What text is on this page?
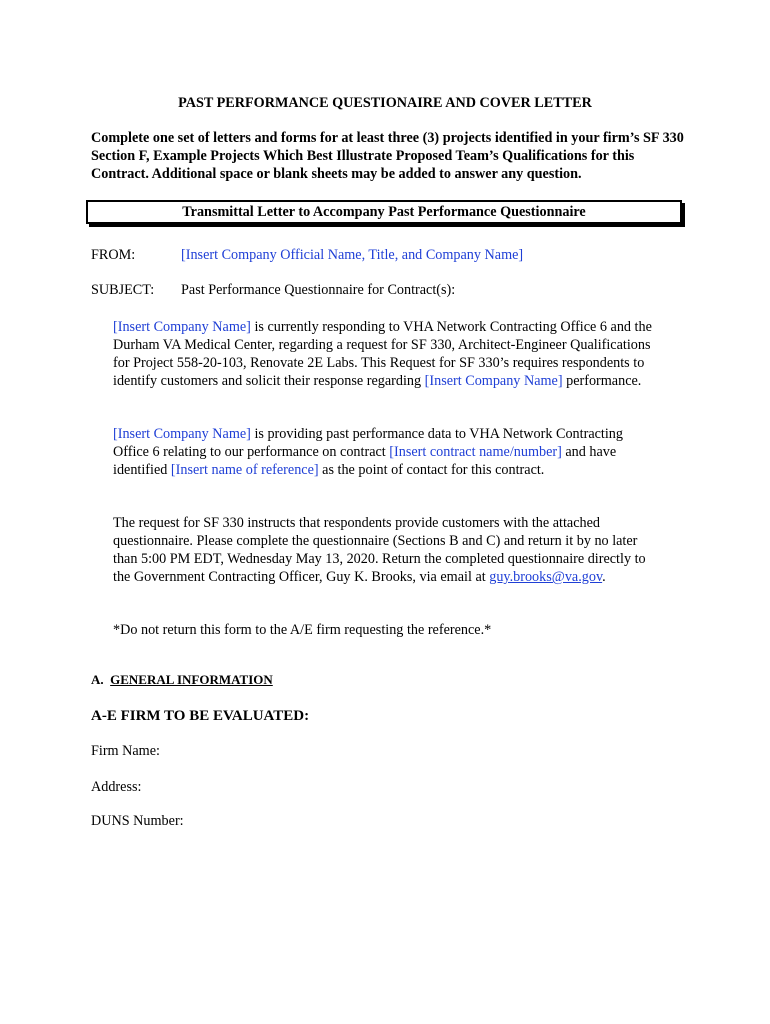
PAST PERFORMANCE QUESTIONAIRE AND COVER LETTER
Complete one set of letters and forms for at least three (3) projects identified in your firm’s SF 330 Section F, Example Projects Which Best Illustrate Proposed Team’s Qualifications for this Contract. Additional space or blank sheets may be added to answer any question.
Transmittal Letter to Accompany Past Performance Questionnaire
FROM:	[Insert Company Official Name, Title, and Company Name]
SUBJECT: Past Performance Questionnaire for Contract(s):
[Insert Company Name] is currently responding to VHA Network Contracting Office 6 and the Durham VA Medical Center, regarding a request for SF 330, Architect-Engineer Qualifications for Project 558-20-103, Renovate 2E Labs. This Request for SF 330’s requires respondents to identify customers and solicit their response regarding [Insert Company Name] performance.
[Insert Company Name] is providing past performance data to VHA Network Contracting Office 6 relating to our performance on contract [Insert contract name/number] and have identified [Insert name of reference] as the point of contact for this contract.
The request for SF 330 instructs that respondents provide customers with the attached questionnaire. Please complete the questionnaire (Sections B and C) and return it by no later than 5:00 PM EDT, Wednesday May 13, 2020. Return the completed questionnaire directly to the Government Contracting Officer, Guy K. Brooks, via email at guy.brooks@va.gov.
*Do not return this form to the A/E firm requesting the reference.*
A. GENERAL INFORMATION
A-E FIRM TO BE EVALUATED:
Firm Name:
Address:
DUNS Number:
